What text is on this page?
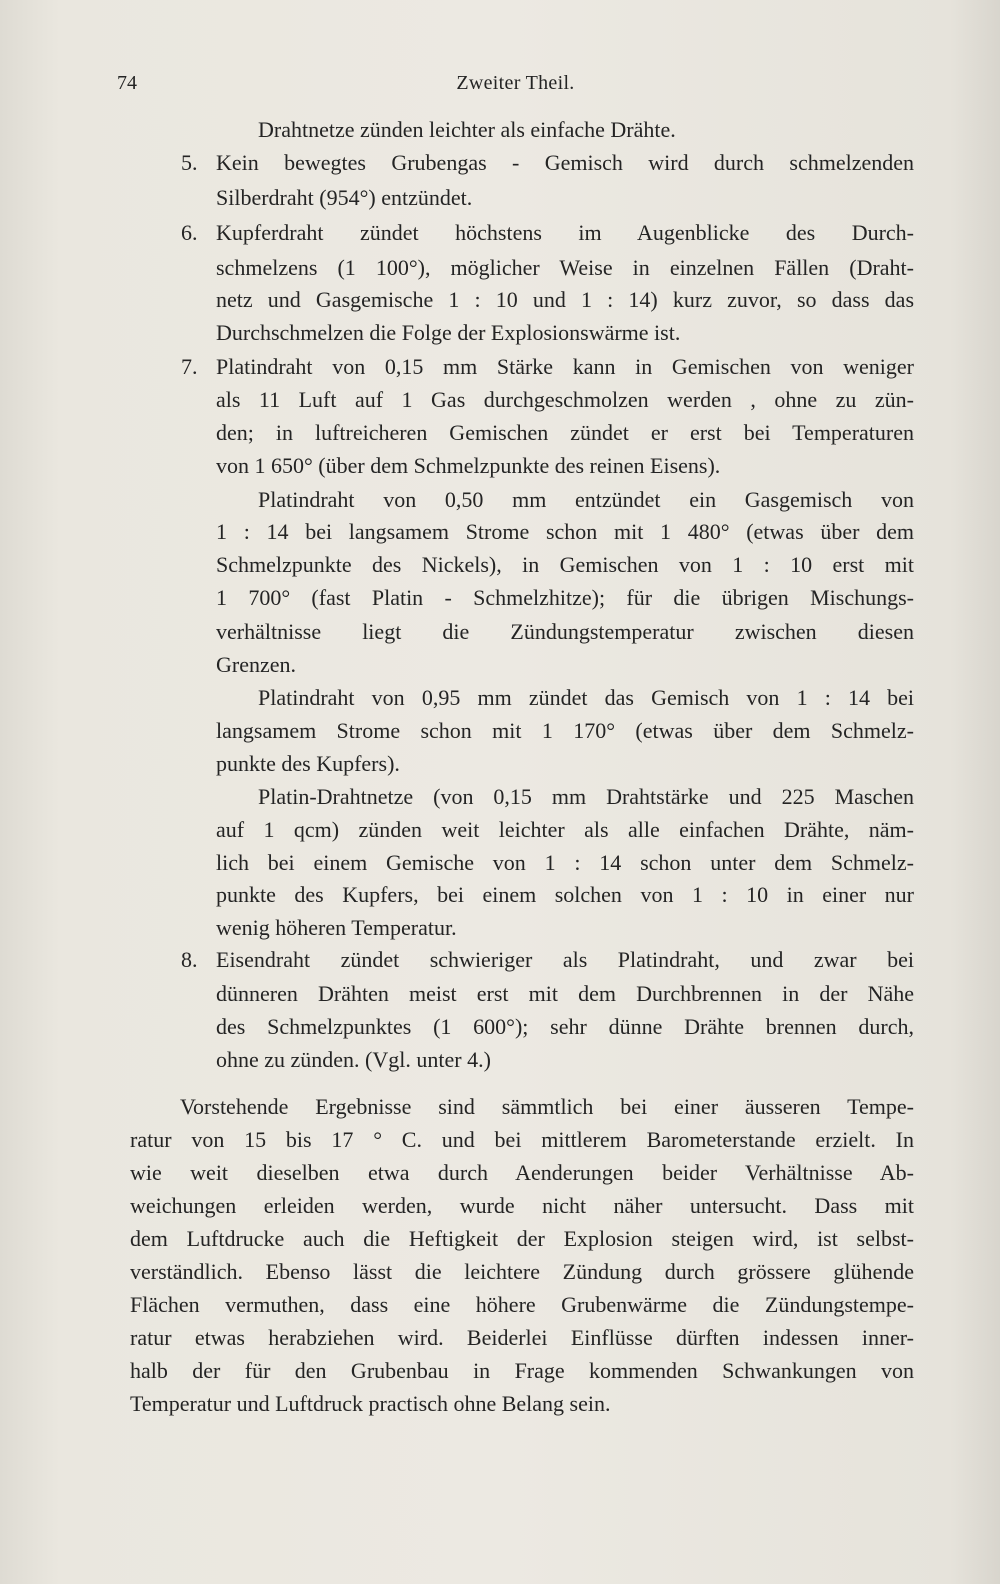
74	Zweiter Theil.
5.
6.
7.
8.
Drahtnetze zünden leichter als einfache Drähte.
Kein bewegtes Grubengas - Gemisch wird durch schmelzenden
Silberdraht (954°) entzündet.
Kupferdraht zündet höchstens im Augenblicke des Durch-
schmelzens (1 100°), möglicher Weise in einzelnen Fällen (Draht-
netz und Gasgemische 1 : 10 und 1 : 14) kurz zuvor, so dass das
Durchschmelzen die Folge der Explosionswärme ist.
Platindraht von 0,15 mm Stärke kann in Gemischen von weniger
als 11 Luft auf 1 Gas durchgeschmolzen werden , ohne zu zün-
den; in luftreicheren Gemischen zündet er erst bei Temperaturen
von 1 650° (über dem Schmelzpunkte des reinen Eisens).
Platindraht von 0,50 mm entzündet ein Gasgemisch von
1 : 14 bei langsamem Strome schon mit 1 480° (etwas über dem
Schmelzpunkte des Nickels), in Gemischen von 1 : 10 erst mit
1 700° (fast Platin - Schmelzhitze); für die übrigen Mischungs-
verhältnisse liegt die Zündungstemperatur zwischen diesen
Grenzen.
Platindraht von 0,95 mm zündet das Gemisch von 1 : 14 bei
langsamem Strome schon mit 1 170° (etwas über dem Schmelz-
punkte des Kupfers).
Platin-Drahtnetze (von 0,15 mm Drahtstärke und 225 Maschen
auf 1 qcm) zünden weit leichter als alle einfachen Drähte, näm-
lich bei einem Gemische von 1 : 14 schon unter dem Schmelz-
punkte des Kupfers, bei einem solchen von 1 : 10 in einer nur
wenig höheren Temperatur.
Eisendraht zündet schwieriger als Platindraht, und zwar bei
dünneren Drähten meist erst mit dem Durchbrennen in der Nähe
des Schmelzpunktes (1 600°); sehr dünne Drähte brennen durch,
ohne zu zünden. (Vgl. unter 4.)
Vorstehende Ergebnisse sind sämmtlich bei einer äusseren Tempe-
ratur von 15 bis 17 ° C. und bei mittlerem Barometerstande erzielt. In
wie weit dieselben etwa durch Aenderungen beider Verhältnisse Ab-
weichungen erleiden werden, wurde nicht näher untersucht. Dass mit
dem Luftdrucke auch die Heftigkeit der Explosion steigen wird, ist selbst-
verständlich. Ebenso lässt die leichtere Zündung durch grössere glühende
Flächen vermuthen, dass eine höhere Grubenwärme die Zündungstempe-
ratur etwas herabziehen wird. Beiderlei Einflüsse dürften indessen inner-
halb der für den Grubenbau in Frage kommenden Schwankungen von
Temperatur und Luftdruck practisch ohne Belang sein.
